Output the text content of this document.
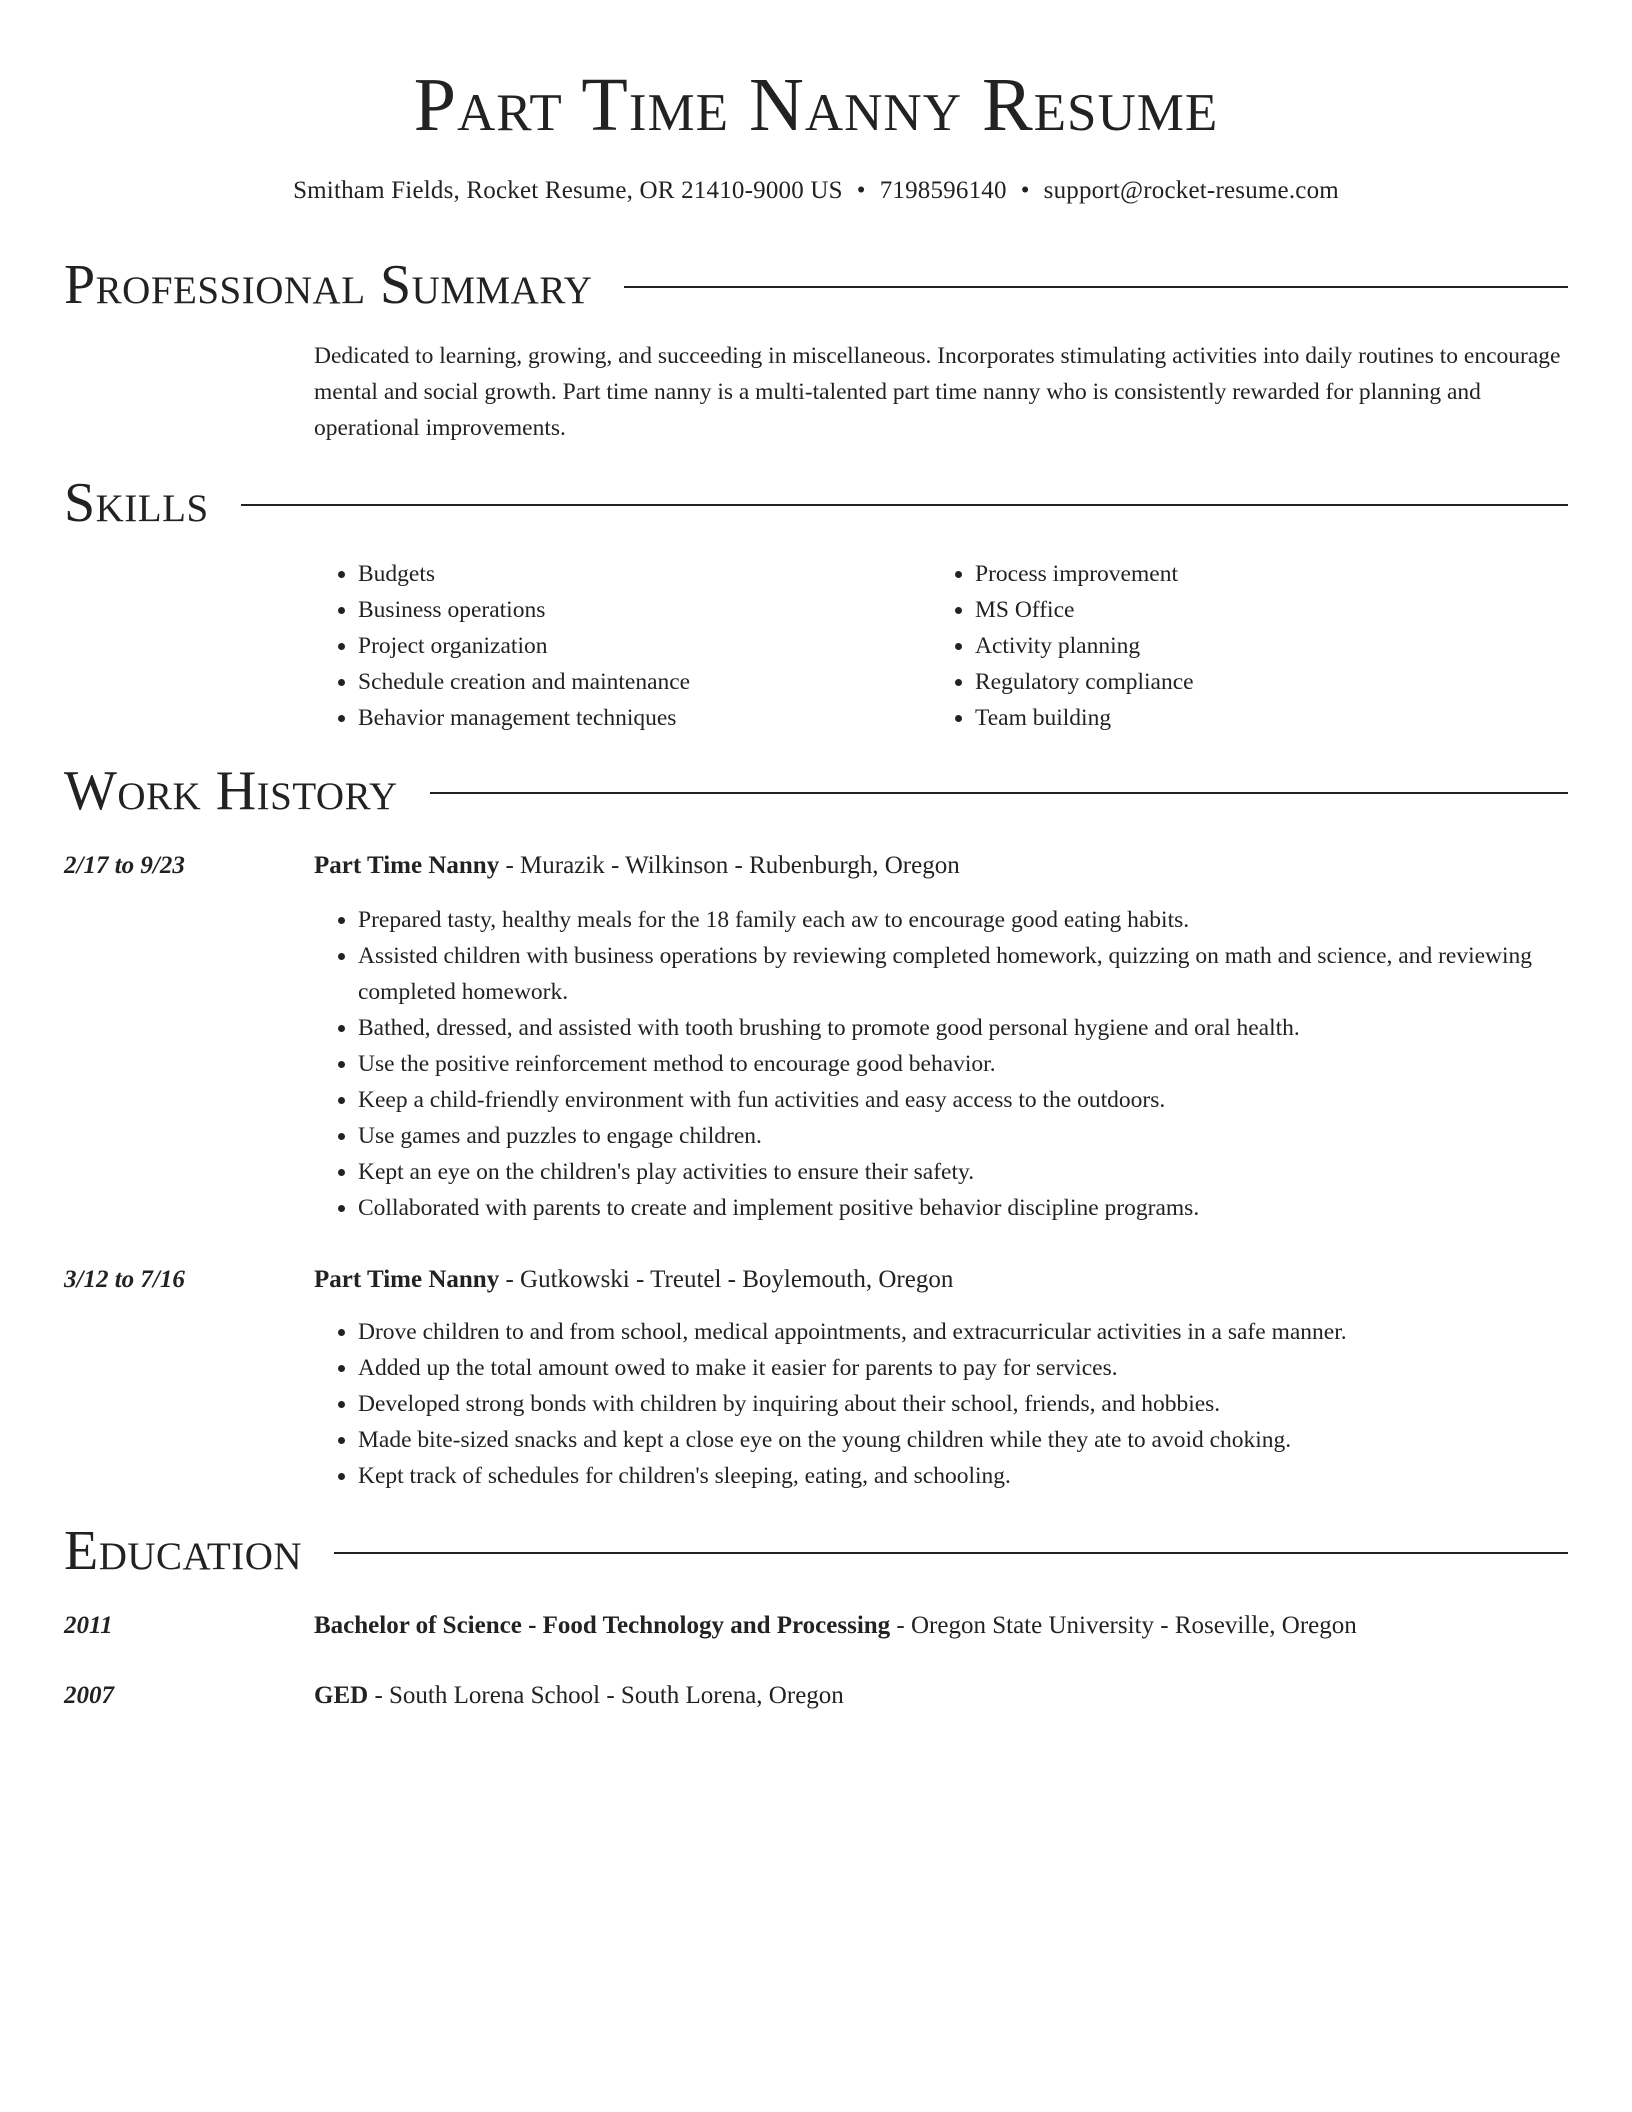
Part Time Nanny Resume
Smitham Fields, Rocket Resume, OR 21410-9000 US • 7198596140 • support@rocket-resume.com
Professional Summary
Dedicated to learning, growing, and succeeding in miscellaneous. Incorporates stimulating activities into daily routines to encourage mental and social growth. Part time nanny is a multi-talented part time nanny who is consistently rewarded for planning and operational improvements.
Skills
• Budgets
• Business operations
• Project organization
• Schedule creation and maintenance
• Behavior management techniques
• Process improvement
• MS Office
• Activity planning
• Regulatory compliance
• Team building
Work History
2/17 to 9/23	Part Time Nanny - Murazik - Wilkinson - Rubenburgh, Oregon
• Prepared tasty, healthy meals for the 18 family each aw to encourage good eating habits.
• Assisted children with business operations by reviewing completed homework, quizzing on math and science, and reviewing completed homework.
• Bathed, dressed, and assisted with tooth brushing to promote good personal hygiene and oral health.
• Use the positive reinforcement method to encourage good behavior.
• Keep a child-friendly environment with fun activities and easy access to the outdoors.
• Use games and puzzles to engage children.
• Kept an eye on the children's play activities to ensure their safety.
• Collaborated with parents to create and implement positive behavior discipline programs.
3/12 to 7/16	Part Time Nanny - Gutkowski - Treutel - Boylemouth, Oregon
• Drove children to and from school, medical appointments, and extracurricular activities in a safe manner.
• Added up the total amount owed to make it easier for parents to pay for services.
• Developed strong bonds with children by inquiring about their school, friends, and hobbies.
• Made bite-sized snacks and kept a close eye on the young children while they ate to avoid choking.
• Kept track of schedules for children's sleeping, eating, and schooling.
Education
2011	Bachelor of Science - Food Technology and Processing - Oregon State University - Roseville, Oregon
2007	GED - South Lorena School - South Lorena, Oregon
